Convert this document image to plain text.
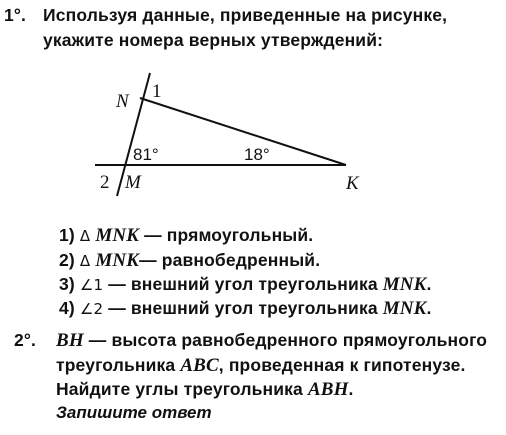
1°. Используя данные, приведенные на рисунке,
укажите номера верных утверждений:
N 1
81°	18°
2 M	K
1) Δ MNK — прямоугольный.
2) Δ MNK— равнобедренный.
3) ∠1 — внешний угол треугольника MNK.
4) ∠2 — внешний угол треугольника MNK.
2°. BH — высота равнобедренного прямоугольного
треугольника ABC, проведенная к гипотенузе.
Найдите углы треугольника ABH.
Запишите ответ
